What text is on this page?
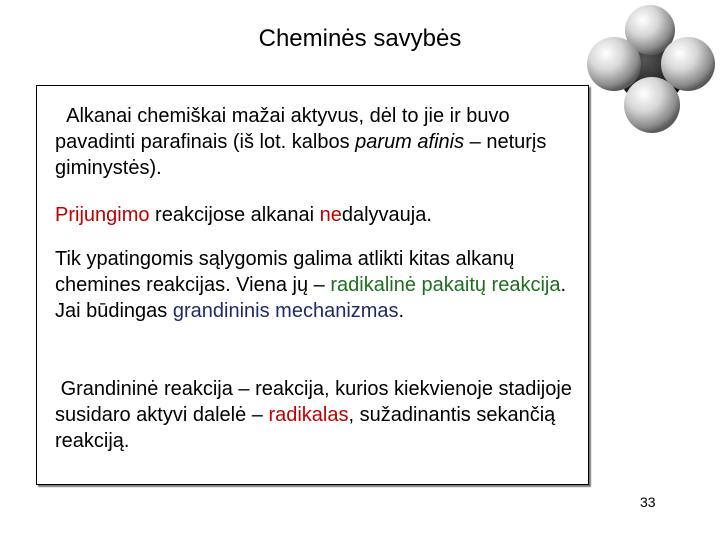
Cheminės savybės

Alkanai chemiškai mažai aktyvus, dėl to jie ir buvo pavadinti parafinais (iš lot. kalbos parum afinis – neturįs giminystės).

Prijungimo reakcijose alkanai nedalyvauja.

Tik ypatingomis sąlygomis galima atlikti kitas alkanų chemines reakcijas. Viena jų – radikalinė pakaitų reakcija. Jai būdingas grandininis mechanizmas.

Grandininė reakcija – reakcija, kurios kiekvienoje stadijoje susidaro aktyvi dalelė – radikalas, sužadinantis sekančią reakciją.

33
